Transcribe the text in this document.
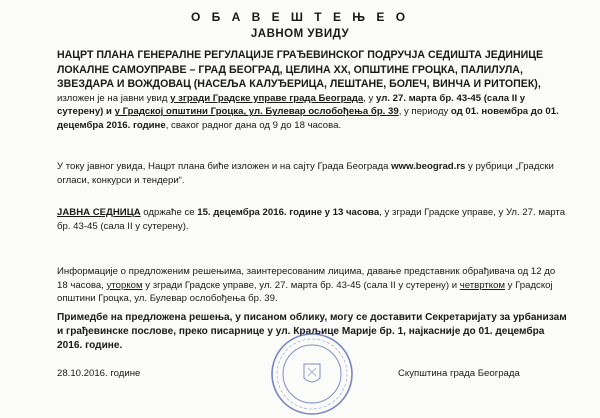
О Б А В Е Ш Т Е Њ Е О
ЈАВНОМ УВИДУ
НАЦРТ ПЛАНА ГЕНЕРАЛНЕ РЕГУЛАЦИЈЕ ГРАЂЕВИНСКОГ ПОДРУЧЈА СЕДИШТА ЈЕДИНИЦЕ ЛОКАЛНЕ САМОУПРАВЕ – ГРАД БЕОГРАД, ЦЕЛИНА XX, ОПШТИНЕ ГРОЦКА, ПАЛИЛУЛА, ЗВЕЗДАРА И ВОЖДОВАЦ (НАСЕЉА КАЛУЂЕРИЦА, ЛЕШТАНЕ, БОЛЕЧ, ВИНЧА И РИТОПЕК), изложен је на јавни увид у згради Градске управе града Београда, у ул. 27. марта бр. 43-45 (сала II у сутерену) и у Градској општини Гроцка, ул. Булевар ослобођења бр. 39, у периоду од 01. новембра до 01. децембра 2016. године, сваког радног дана од 9 до 18 часова.
У току јавног увида, Нацрт плана биће изложен и на сајту Града Београда www.beograd.rs у рубрици „Градски огласи, конкурси и тендери“.
ЈАВНА СЕДНИЦА одржаће се 15. децембра 2016. године у 13 часова, у згради Градске управе, у Ул. 27. марта бр. 43-45 (сала II у сутерену).
Информације о предложеним решењима, заинтересованим лицима, давање представник обрађивача од 12 до 18 часова, уторком у згради Градске управе, ул. 27. марта бр. 43-45 (сала II у сутерену) и четвртком у Градској општини Гроцка, ул. Булевар ослобођења бр. 39.
Примедбе на предложена решења, у писаном облику, могу се доставити Секретаријату за урбанизам и грађевинске послове, преко писарнице у ул. Краљице Марије бр. 1, најкасније до 01. децембра 2016. године.
28.10.2016. године	Скупштина града Београда
